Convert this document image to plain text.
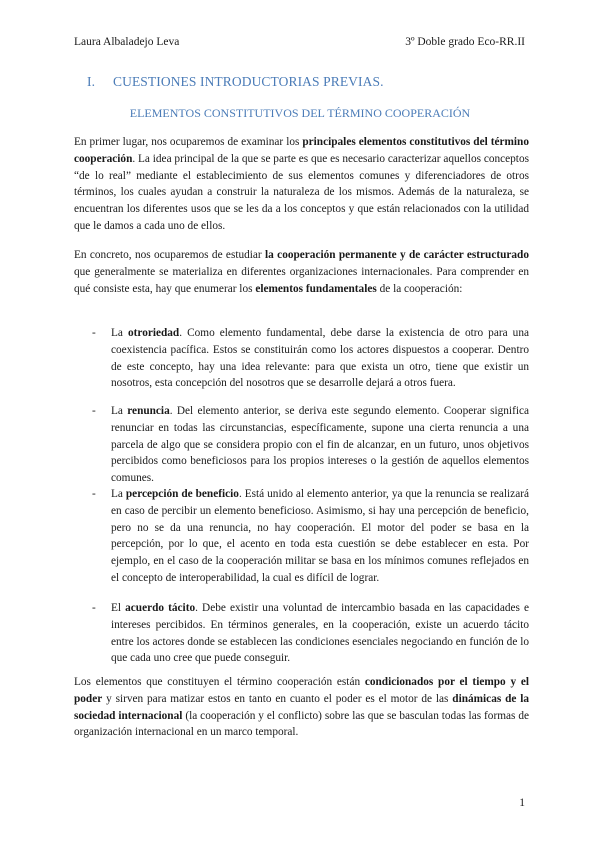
Laura Albaladejo Leva	3º Doble grado Eco-RR.II
I. CUESTIONES INTRODUCTORIAS PREVIAS.
ELEMENTOS CONSTITUTIVOS DEL TÉRMINO COOPERACIÓN

En primer lugar, nos ocuparemos de examinar los principales elementos constitutivos del término cooperación. La idea principal de la que se parte es que es necesario caracterizar aquellos conceptos “de lo real” mediante el establecimiento de sus elementos comunes y diferenciadores de otros términos, los cuales ayudan a construir la naturaleza de los mismos. Además de la naturaleza, se encuentran los diferentes usos que se les da a los conceptos y que están relacionados con la utilidad que le damos a cada uno de ellos.

En concreto, nos ocuparemos de estudiar la cooperación permanente y de carácter estructurado que generalmente se materializa en diferentes organizaciones internacionales. Para comprender en qué consiste esta, hay que enumerar los elementos fundamentales de la cooperación:

- La otroriedad. Como elemento fundamental, debe darse la existencia de otro para una coexistencia pacífica. Estos se constituirán como los actores dispuestos a cooperar. Dentro de este concepto, hay una idea relevante: para que exista un otro, tiene que existir un nosotros, esta concepción del nosotros que se desarrolle dejará a otros fuera.

- La renuncia. Del elemento anterior, se deriva este segundo elemento. Cooperar significa renunciar en todas las circunstancias, específicamente, supone una cierta renuncia a una parcela de algo que se considera propio con el fin de alcanzar, en un futuro, unos objetivos percibidos como beneficiosos para los propios intereses o la gestión de aquellos elementos comunes.

- La percepción de beneficio. Está unido al elemento anterior, ya que la renuncia se realizará en caso de percibir un elemento beneficioso. Asimismo, si hay una percepción de beneficio, pero no se da una renuncia, no hay cooperación. El motor del poder se basa en la percepción, por lo que, el acento en toda esta cuestión se debe establecer en esta. Por ejemplo, en el caso de la cooperación militar se basa en los mínimos comunes reflejados en el concepto de interoperabilidad, la cual es difícil de lograr.

- El acuerdo tácito. Debe existir una voluntad de intercambio basada en las capacidades e intereses percibidos. En términos generales, en la cooperación, existe un acuerdo tácito entre los actores donde se establecen las condiciones esenciales negociando en función de lo que cada uno cree que puede conseguir.

Los elementos que constituyen el término cooperación están condicionados por el tiempo y el poder y sirven para matizar estos en tanto en cuanto el poder es el motor de las dinámicas de la sociedad internacional (la cooperación y el conflicto) sobre las que se basculan todas las formas de organización internacional en un marco temporal.

1
